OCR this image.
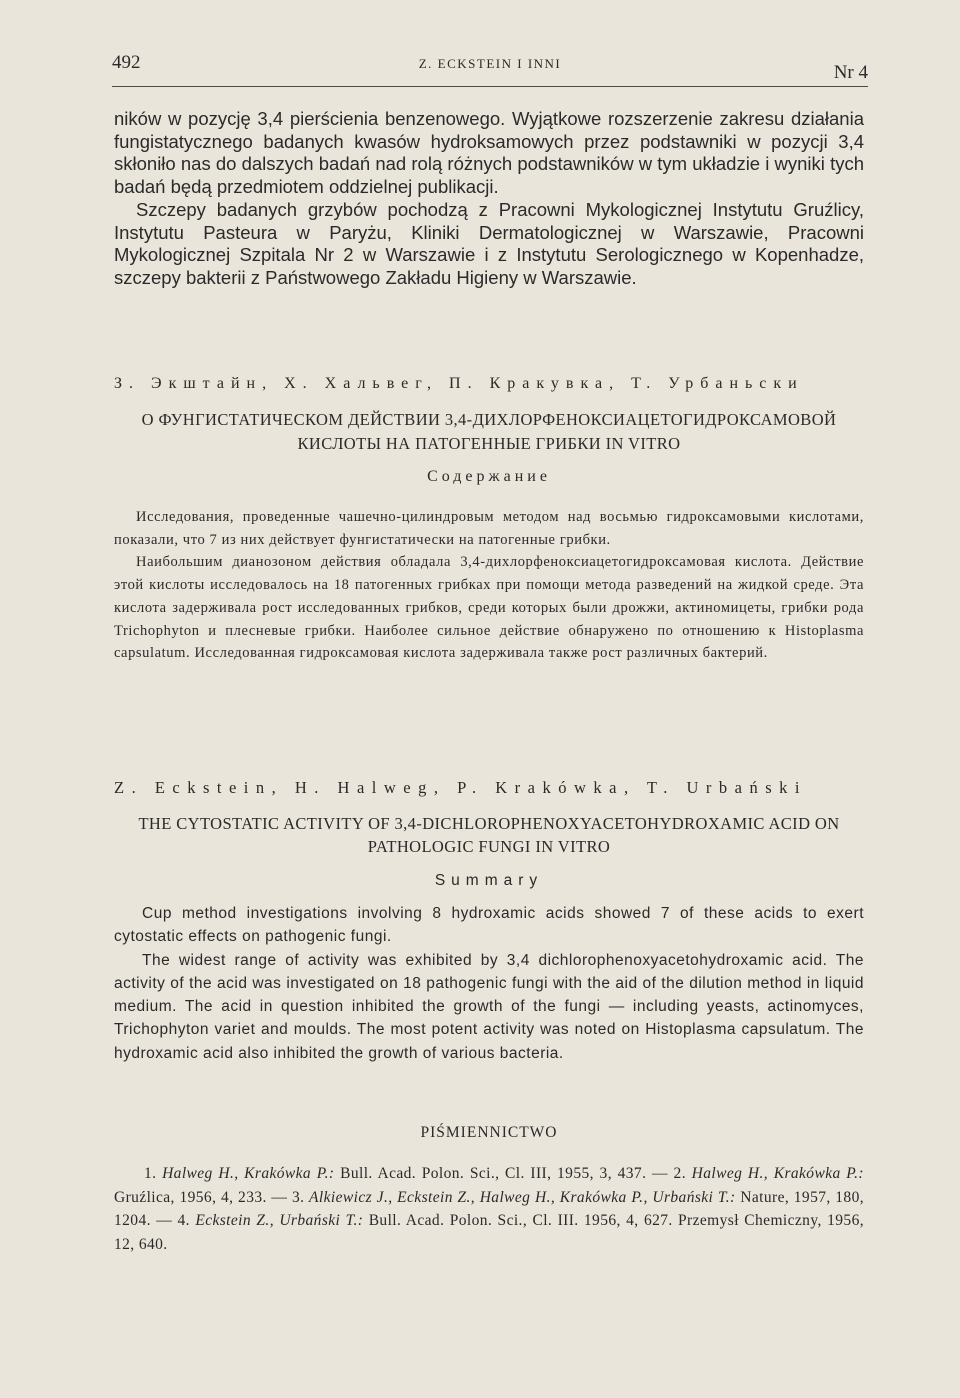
492	Z. ECKSTEIN I INNI	Nr 4

ników w pozycję 3,4 pierścienia benzenowego. Wyjątkowe rozszerzenie zakresu działania fungistatycznego badanych kwasów hydroksamowych przez podstawniki w pozycji 3,4 skłoniło nas do dalszych badań nad rolą różnych podstawników w tym układzie i wyniki tych badań będą przedmiotem oddzielnej publikacji.

Szczepy badanych grzybów pochodzą z Pracowni Mykologicznej Instytutu Gruźlicy, Instytutu Pasteura w Paryżu, Kliniki Dermatologicznej w Warszawie, Pracowni Mykologicznej Szpitala Nr 2 w Warszawie i z Instytutu Serologicznego w Kopenhadze, szczepy bakterii z Państwowego Zakładu Higieny w Warszawie.

З. Экштайн, Х. Хальвег, П. Кракувка, Т. Урбаньски
О ФУНГИСТАТИЧЕСКОМ ДЕЙСТВИИ 3,4-ДИХЛОРФЕНОКСИАЦЕТОГИДРОКСАМОВОЙ КИСЛОТЫ НА ПАТОГЕННЫЕ ГРИБКИ IN VITRO
Содержание

Исследования, проведенные чашечно-цилиндровым методом над восьмью гидроксамовыми кислотами, показали, что 7 из них действует фунгистатически на патогенные грибки.

Наибольшим дианозоном действия обладала 3,4-дихлорфеноксиацетогидроксамовая кислота. Действие этой кислоты исследовалось на 18 патогенных грибках при помощи метода разведений на жидкой среде. Эта кислота задерживала рост исследованных грибков, среди которых были дрожжи, актиномицеты, грибки рода Trichophyton и плесневые грибки. Наиболее сильное действие обнаружено по отношению к Histoplasma capsulatum. Исследованная гидроксамовая кислота задерживала также рост различных бактерий.

Z. Eckstein, H. Halweg, P. Krakówka, T. Urbański
THE CYTOSTATIC ACTIVITY OF 3,4-DICHLOROPHENOXYACETOHYDROXAMIC ACID ON PATHOLOGIC FUNGI IN VITRO
Summary

Cup method investigations involving 8 hydroxamic acids showed 7 of these acids to exert cytostatic effects on pathogenic fungi.

The widest range of activity was exhibited by 3,4 dichlorophenoxyacetohydroxamic acid. The activity of the acid was investigated on 18 pathogenic fungi with the aid of the dilution method in liquid medium. The acid in question inhibited the growth of the fungi — including yeasts, actinomyces, Trichophyton variet and moulds. The most potent activity was noted on Histoplasma capsulatum. The hydroxamic acid also inhibited the growth of various bacteria.

PIŚMIENNICTWO

1. Halweg H., Krakówka P.: Bull. Acad. Polon. Sci., Cl. III, 1955, 3, 437. — 2. Halweg H., Krakówka P.: Gruźlica, 1956, 4, 233. — 3. Alkiewicz J., Eckstein Z., Halweg H., Krakówka P., Urbański T.: Nature, 1957, 180, 1204. — 4. Eckstein Z., Urbański T.: Bull. Acad. Polon. Sci., Cl. III. 1956, 4, 627. Przemysł Chemiczny, 1956, 12, 640.
